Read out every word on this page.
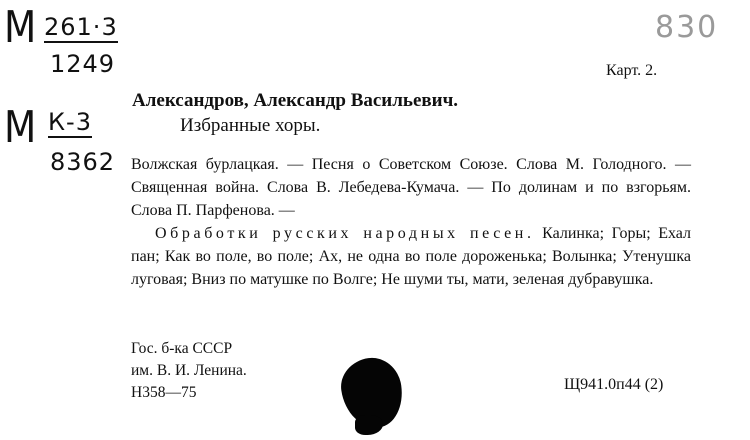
М 261·3
1249
М К-3
8362
830
Карт. 2.
Александров, Александр Васильевич.
Избранные хоры.

Волжская бурлацкая. — Песня о Советском Союзе. Слова М. Голодного. — Священная война. Слова В. Лебедева-Кумача. — По долинам и по взгорьям. Слова П. Парфенова. —

Обработки русских народных песен. Калинка; Горы; Ехал пан; Как во поле, во поле; Ах, не одна во поле дороженька; Волынка; Утенушка луговая; Вниз по матушке по Волге; Не шуми ты, мати, зеленая дубравушка.

Гос. б-ка СССР
им. В. И. Ленина.
Н358—75	Щ941.0п44 (2)
